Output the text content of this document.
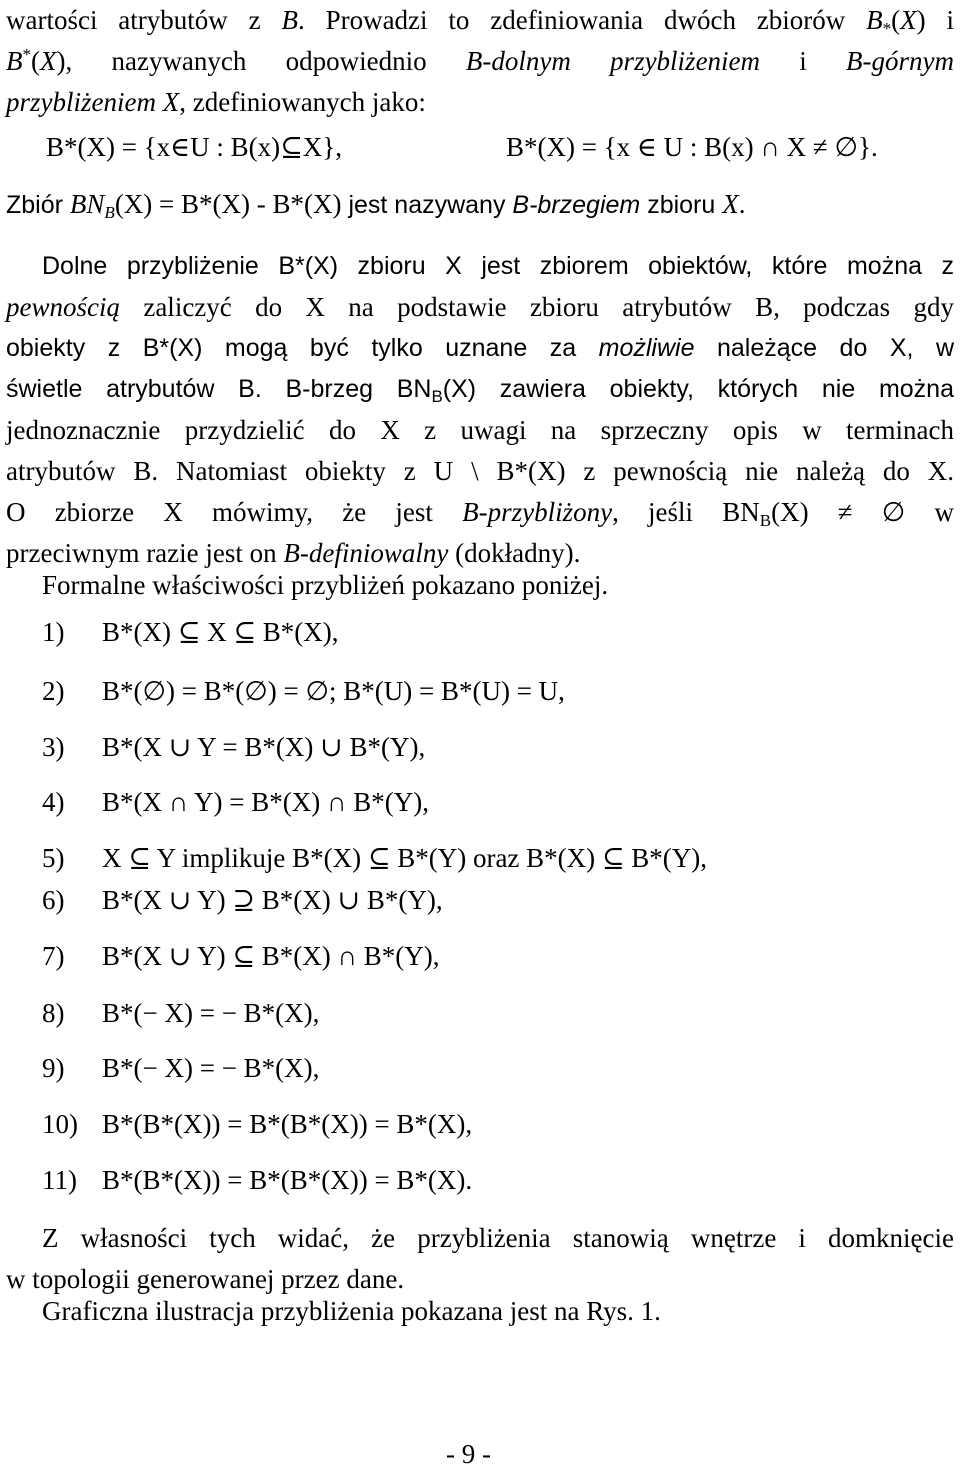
wartości atrybutów z B. Prowadzi to zdefiniowania dwóch zbiorów $B_*(X)$ i
B*(X), nazywanych odpowiednio B-dolnym przybliżeniem i B-górnym
przybliżeniem X, zdefiniowanych jako:
B*(X) = {x∈U : B(x)⊆X},	B*(X) = {x ∈ U : B(x) ∩ X ≠ ∅}.
Zbiór $BN_B(X) = B*(X) - B*(X)$ jest nazywany B-brzegiem zbioru X.
Dolne przybliżenie B*(X) zbioru X jest zbiorem obiektów, które można z
pewnością zaliczyć do X na podstawie zbioru atrybutów B, podczas gdy
obiekty z B*(X) mogą być tylko uznane za możliwie należące do X, w
świetle atrybutów B. B-brzeg $BN_B(X)$ zawiera obiekty, których nie można
jednoznacznie przydzielić do X z uwagi na sprzeczny opis w terminach
atrybutów B. Natomiast obiekty z U \ B*(X) z pewnością nie należą do X.
O zbiorze X mówimy, że jest B-przybliżony, jeśli $BN_B(X)$ ≠ ∅ w
przeciwnym razie jest on B-definiowalny (dokładny).
Formalne właściwości przybliżeń pokazano poniżej.
1)	B*(X) ⊆ X ⊆ B*(X),
2)	B*(∅) = B*(∅) = ∅; B*(U) = B*(U) = U,
3)	B*(X ∪ Y = B*(X) ∪ B*(Y),
4)	B*(X ∩ Y) = B*(X) ∩ B*(Y),
5)	X ⊆ Y implikuje B*(X) ⊆ B*(Y) oraz B*(X) ⊆ B*(Y),
6)	B*(X ∪ Y) ⊇ B*(X) ∪ B*(Y),
7)	B*(X ∪ Y) ⊆ B*(X) ∩ B*(Y),
8)	B*(− X) = − B*(X),
9)	B*(− X) = − B*(X),
10) B*(B*(X)) = B*(B*(X)) = B*(X),
11) B*(B*(X)) = B*(B*(X)) = B*(X).
Z własności tych widać, że przybliżenia stanowią wnętrze i domknięcie
w topologii generowanej przez dane.
Graficzna ilustracja przybliżenia pokazana jest na Rys. 1.
- 9 -
